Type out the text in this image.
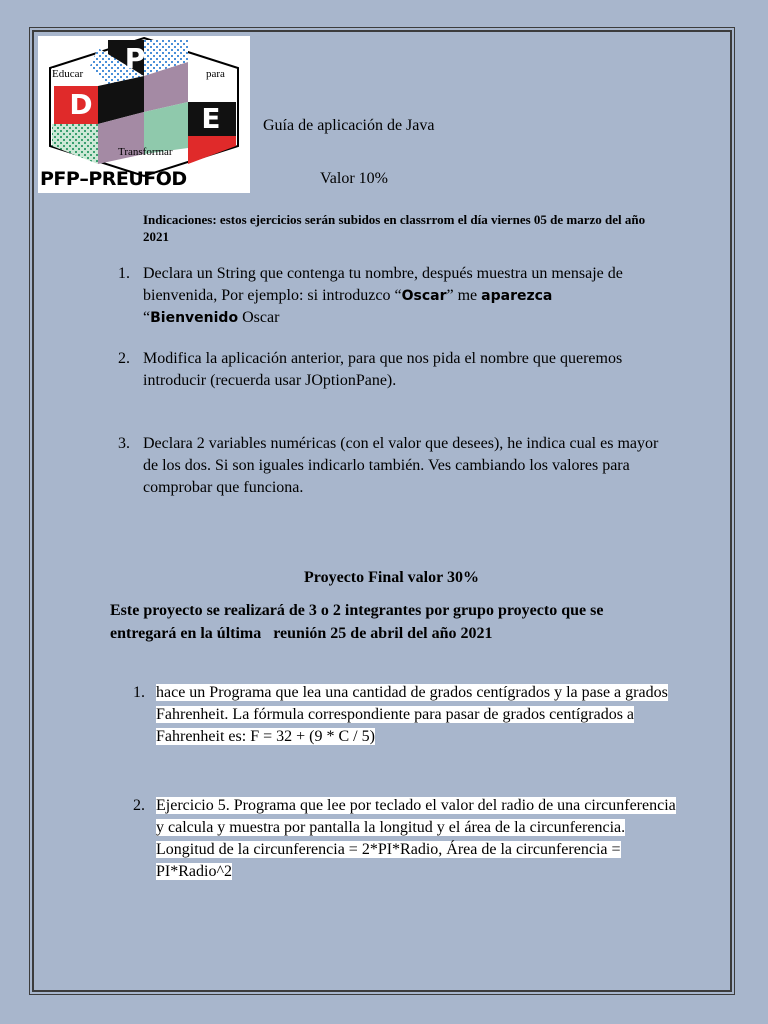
P
D	E
Educar	para
Transformar
PFP–PREUFOD
Guía de aplicación de Java
Valor 10%
Indicaciones: estos ejercicios serán subidos en classrrom el día viernes 05 de marzo del año 2021
1. Declara un String que contenga tu nombre, después muestra un mensaje de bienvenida, Por ejemplo: si introduzco “Oscar” me aparezca “Bienvenido Oscar
2. Modifica la aplicación anterior, para que nos pida el nombre que queremos introducir (recuerda usar JOptionPane).
3. Declara 2 variables numéricas (con el valor que desees), he indica cual es mayor de los dos. Si son iguales indicarlo también. Ves cambiando los valores para comprobar que funciona.
Proyecto Final valor 30%
Este proyecto se realizará de 3 o 2 integrantes por grupo proyecto que se entregará en la última   reunión 25 de abril del año 2021
1. hace un Programa que lea una cantidad de grados centígrados y la pase a grados Fahrenheit. La fórmula correspondiente para pasar de grados centígrados a Fahrenheit es: F = 32 + (9 * C / 5)
2. Ejercicio 5. Programa que lee por teclado el valor del radio de una circunferencia y calcula y muestra por pantalla la longitud y el área de la circunferencia. Longitud de la circunferencia = 2*PI*Radio, Área de la circunferencia = PI*Radio^2
